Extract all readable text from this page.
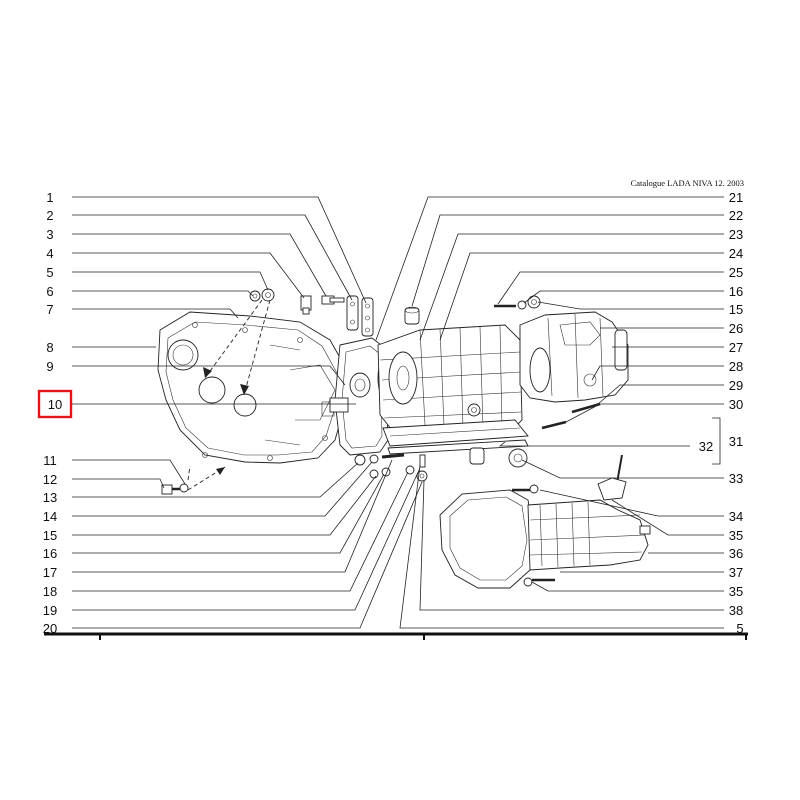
Catalogue LADA NIVA 12. 2003
1
2
3
4
5
6
7
8
9
10
11
12
13
14
15
16
17
18
19
20
21
22
23
24
25
16
15
26
27
28
29
30
31
32
33
34
35
36
37
35
38
5
